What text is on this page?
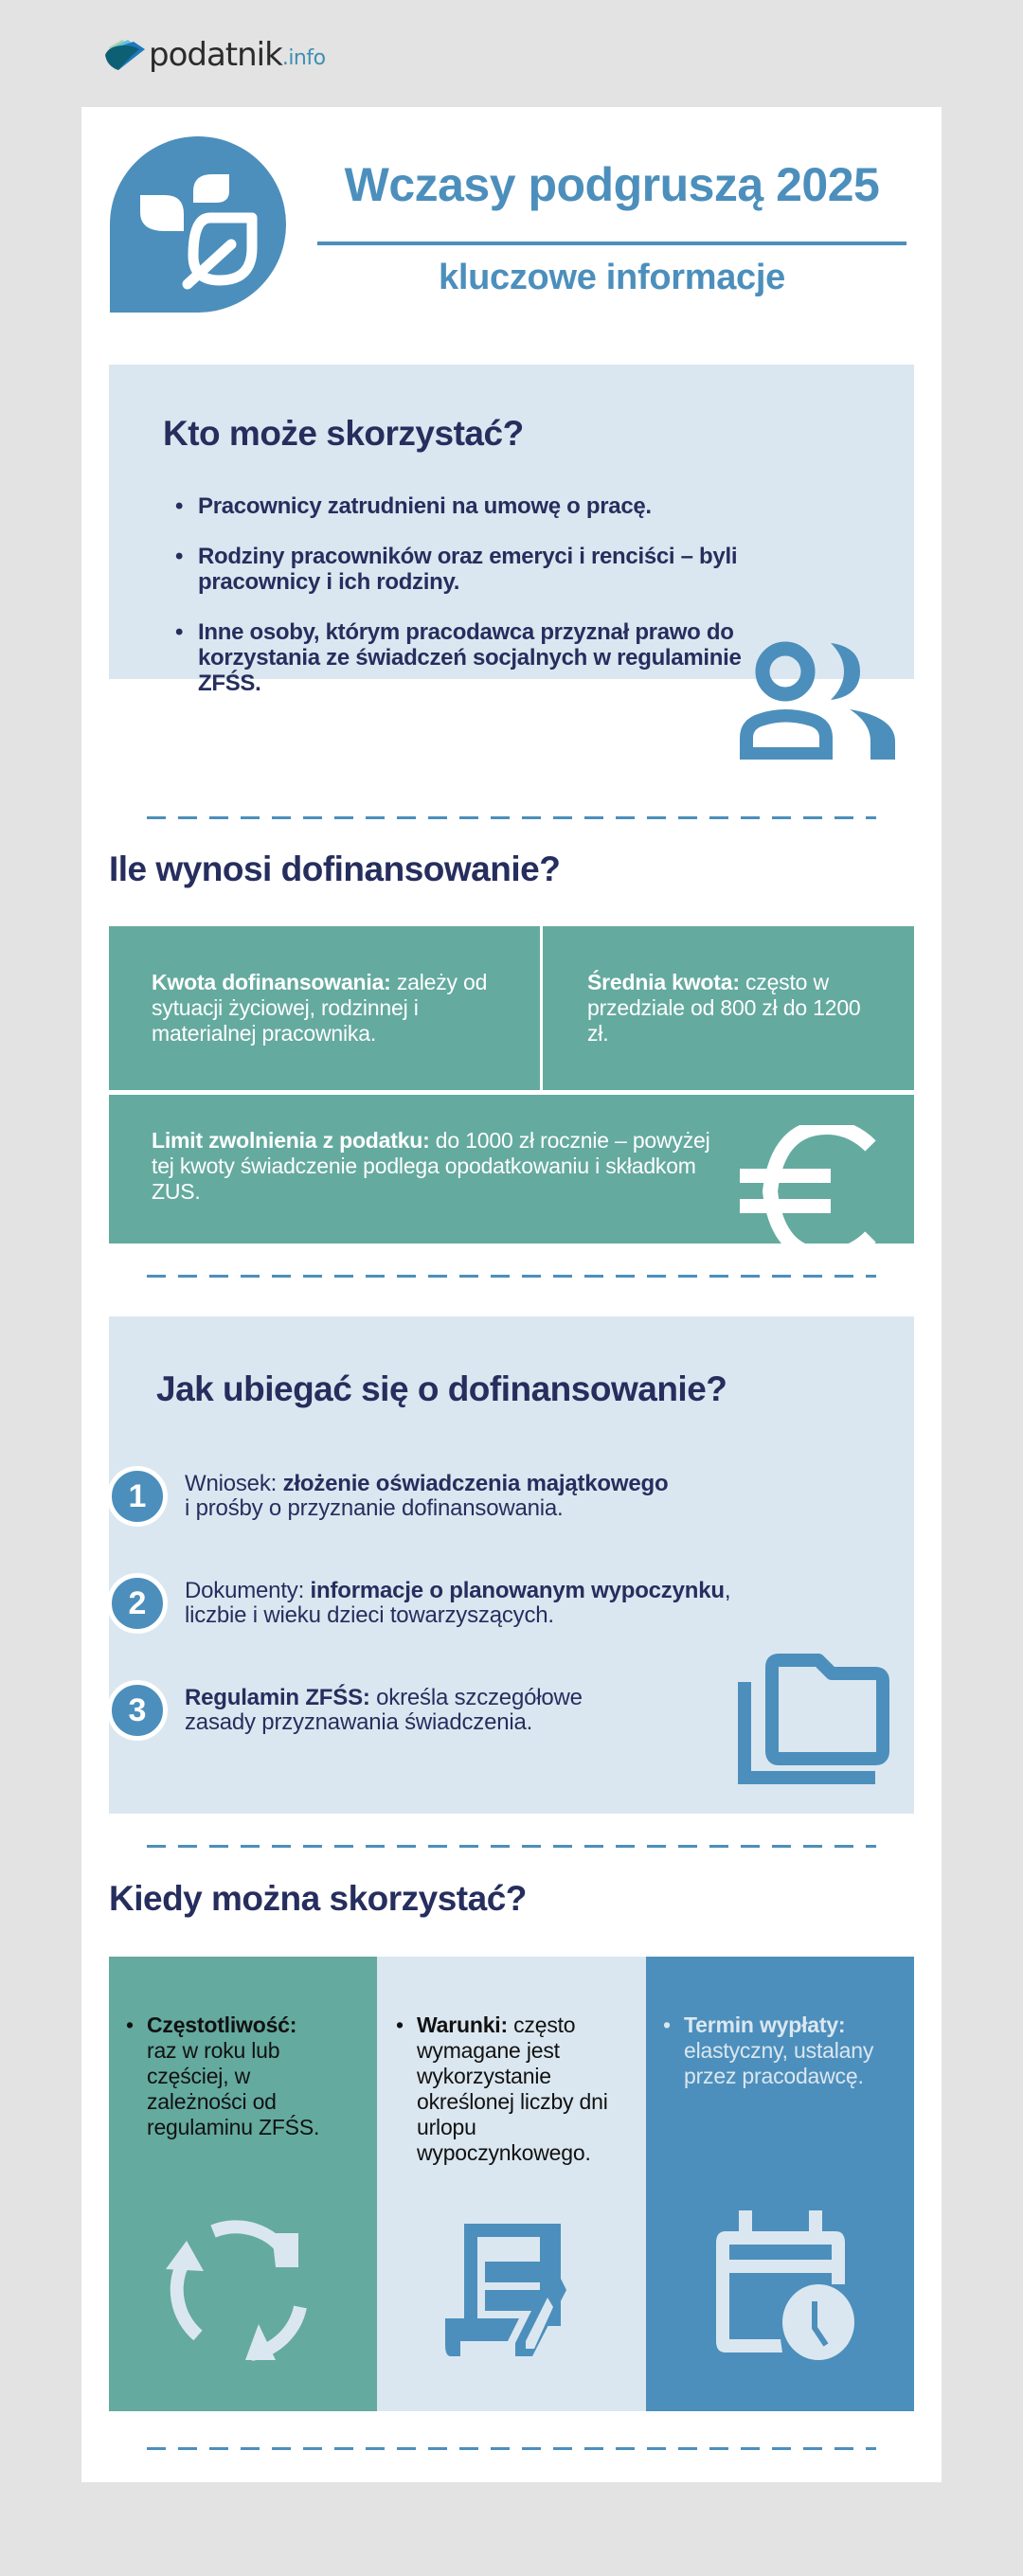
podatnik .info
Wczasy podgruszą 2025
kluczowe informacje
Kto może skorzystać?
• Pracownicy zatrudnieni na umowę o pracę.
• Rodziny pracowników oraz emeryci i renciści – byli pracownicy i ich rodziny.
• Inne osoby, którym pracodawca przyznał prawo do korzystania ze świadczeń socjalnych w regulaminie ZFŚS.
Ile wynosi dofinansowanie?
Kwota dofinansowania: zależy od sytuacji życiowej, rodzinnej i materialnej pracownika.
Średnia kwota: często w przedziale od 800 zł do 1200 zł.
Limit zwolnienia z podatku: do 1000 zł rocznie – powyżej tej kwoty świadczenie podlega opodatkowaniu i składkom ZUS.
Jak ubiegać się o dofinansowanie?
1	Wniosek: złożenie oświadczenia majątkowego
i prośby o przyznanie dofinansowania.
2	Dokumenty: informacje o planowanym wypoczynku, liczbie i wieku dzieci towarzyszących.
3	Regulamin ZFŚS: określa szczegółowe zasady przyznawania świadczenia.
Kiedy można skorzystać?
• Częstotliwość:
raz w roku lub częściej, w zależności od regulaminu ZFŚS.
• Warunki: często wymagane jest wykorzystanie określonej liczby dni urlopu wypoczynkowego.
• Termin wypłaty:
elastyczny, ustalany przez pracodawcę.
